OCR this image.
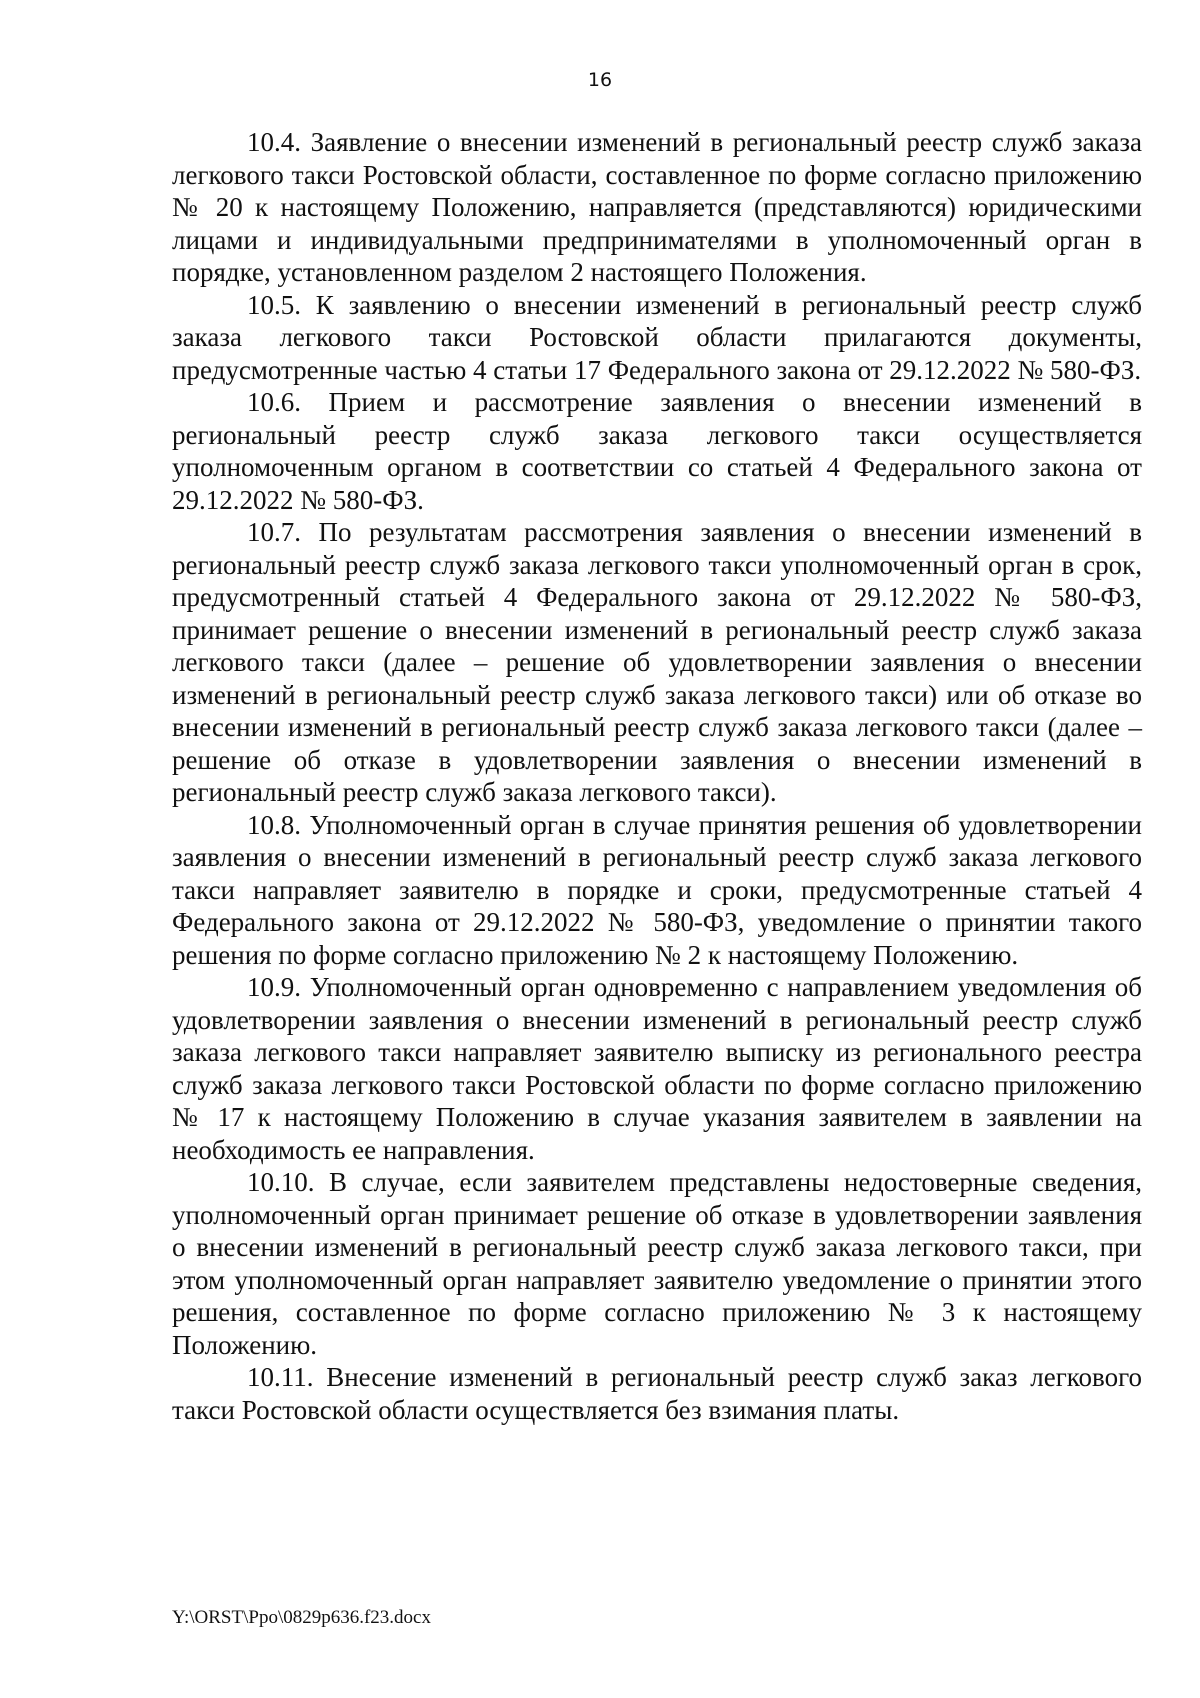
16

10.4. Заявление о внесении изменений в региональный реестр служб заказа легкового такси Ростовской области, составленное по форме согласно приложению № 20 к настоящему Положению, направляется (представляются) юридическими лицами и индивидуальными предпринимателями в уполномоченный орган в порядке, установленном разделом 2 настоящего Положения.

10.5. К заявлению о внесении изменений в региональный реестр служб заказа легкового такси Ростовской области прилагаются документы, предусмотренные частью 4 статьи 17 Федерального закона от 29.12.2022 № 580-ФЗ.

10.6. Прием и рассмотрение заявления о внесении изменений в региональный реестр служб заказа легкового такси осуществляется уполномоченным органом в соответствии со статьей 4 Федерального закона от 29.12.2022 № 580-ФЗ.

10.7. По результатам рассмотрения заявления о внесении изменений в региональный реестр служб заказа легкового такси уполномоченный орган в срок, предусмотренный статьей 4 Федерального закона от 29.12.2022 № 580-ФЗ, принимает решение о внесении изменений в региональный реестр служб заказа легкового такси (далее – решение об удовлетворении заявления о внесении изменений в региональный реестр служб заказа легкового такси) или об отказе во внесении изменений в региональный реестр служб заказа легкового такси (далее – решение об отказе в удовлетворении заявления о внесении изменений в региональный реестр служб заказа легкового такси).

10.8. Уполномоченный орган в случае принятия решения об удовлетворении заявления о внесении изменений в региональный реестр служб заказа легкового такси направляет заявителю в порядке и сроки, предусмотренные статьей 4 Федерального закона от 29.12.2022 № 580-ФЗ, уведомление о принятии такого решения по форме согласно приложению № 2 к настоящему Положению.

10.9. Уполномоченный орган одновременно с направлением уведомления об удовлетворении заявления о внесении изменений в региональный реестр служб заказа легкового такси направляет заявителю выписку из регионального реестра служб заказа легкового такси Ростовской области по форме согласно приложению № 17 к настоящему Положению в случае указания заявителем в заявлении на необходимость ее направления.

10.10. В случае, если заявителем представлены недостоверные сведения, уполномоченный орган принимает решение об отказе в удовлетворении заявления о внесении изменений в региональный реестр служб заказа легкового такси, при этом уполномоченный орган направляет заявителю уведомление о принятии этого решения, составленное по форме согласно приложению № 3 к настоящему Положению.

10.11. Внесение изменений в региональный реестр служб заказ легкового такси Ростовской области осуществляется без взимания платы.

Y:\ORST\Ppo\0829p636.f23.docx
